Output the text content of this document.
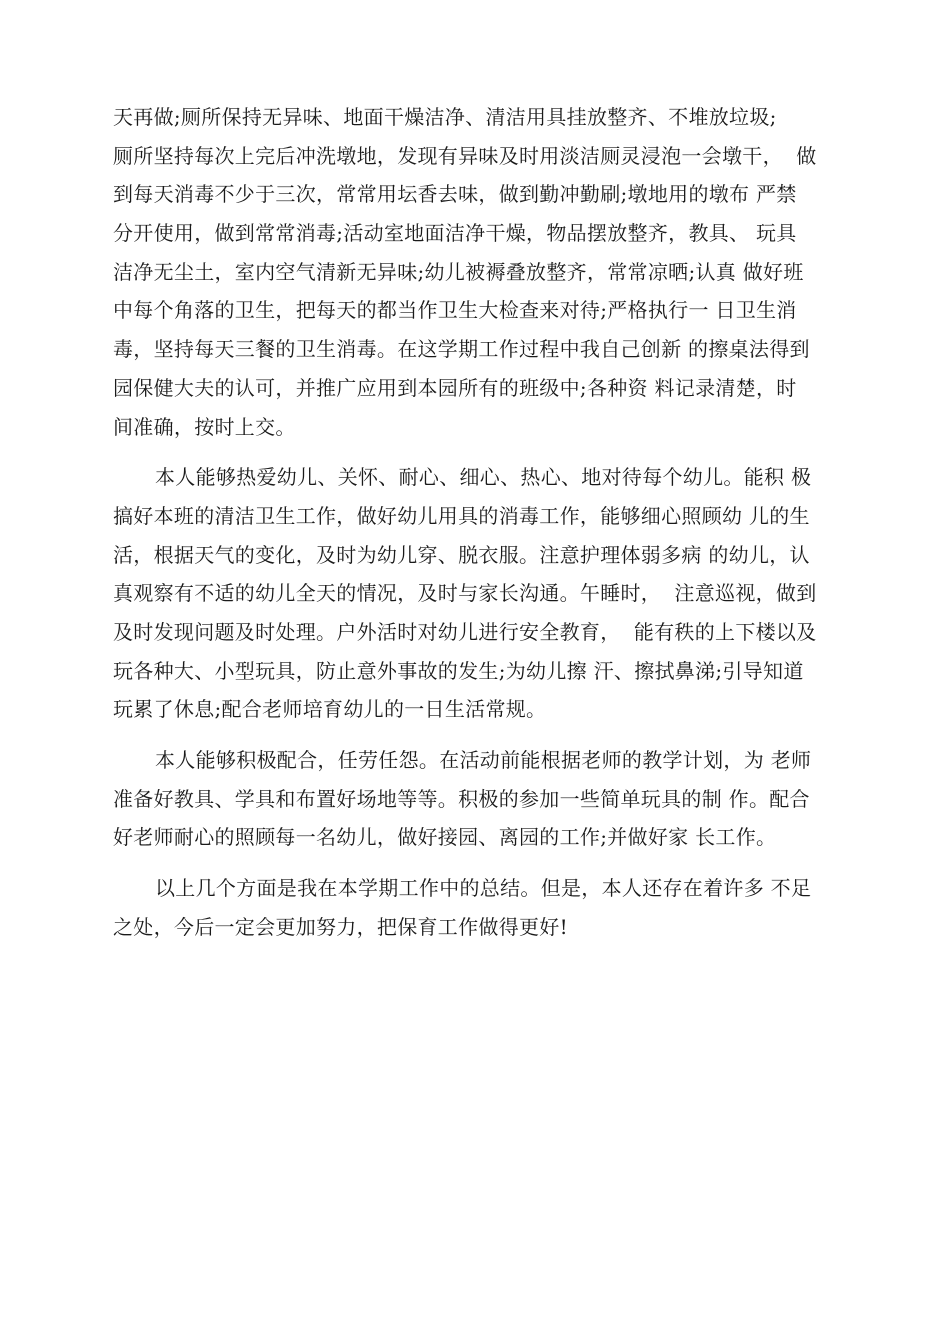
天再做;厕所保持无异味、地面干燥洁净、清洁用具挂放整齐、不堆放垃圾;

厕所坚持每次上完后冲洗墩地，发现有异味及时用淡洁厕灵浸泡一会墩干，  做

到每天消毒不少于三次，常常用坛香去味，做到勤冲勤刷;墩地用的墩布 严禁

分开使用，做到常常消毒;活动室地面洁净干燥，物品摆放整齐，教具、 玩具

洁净无尘土，室内空气清新无异味;幼儿被褥叠放整齐，常常凉晒;认真 做好班

中每个角落的卫生，把每天的都当作卫生大检查来对待;严格执行一 日卫生消

毒，坚持每天三餐的卫生消毒。在这学期工作过程中我自己创新 的擦桌法得到

园保健大夫的认可，并推广应用到本园所有的班级中;各种资 料记录清楚，时

间准确，按时上交。

本人能够热爱幼儿、关怀、耐心、细心、热心、地对待每个幼儿。能积 极

搞好本班的清洁卫生工作，做好幼儿用具的消毒工作，能够细心照顾幼 儿的生

活，根据天气的变化，及时为幼儿穿、脱衣服。注意护理体弱多病 的幼儿，认

真观察有不适的幼儿全天的情况，及时与家长沟通。午睡时，  注意巡视，做到

及时发现问题及时处理。户外活时对幼儿进行安全教育，  能有秩的上下楼以及

玩各种大、小型玩具，防止意外事故的发生;为幼儿擦 汗、擦拭鼻涕;引导知道

玩累了休息;配合老师培育幼儿的一日生活常规。

本人能够积极配合，任劳任怨。在活动前能根据老师的教学计划，为 老师

准备好教具、学具和布置好场地等等。积极的参加一些简单玩具的制 作。配合

好老师耐心的照顾每一名幼儿，做好接园、离园的工作;并做好家 长工作。

以上几个方面是我在本学期工作中的总结。但是，本人还存在着许多 不足

之处，今后一定会更加努力，把保育工作做得更好!
